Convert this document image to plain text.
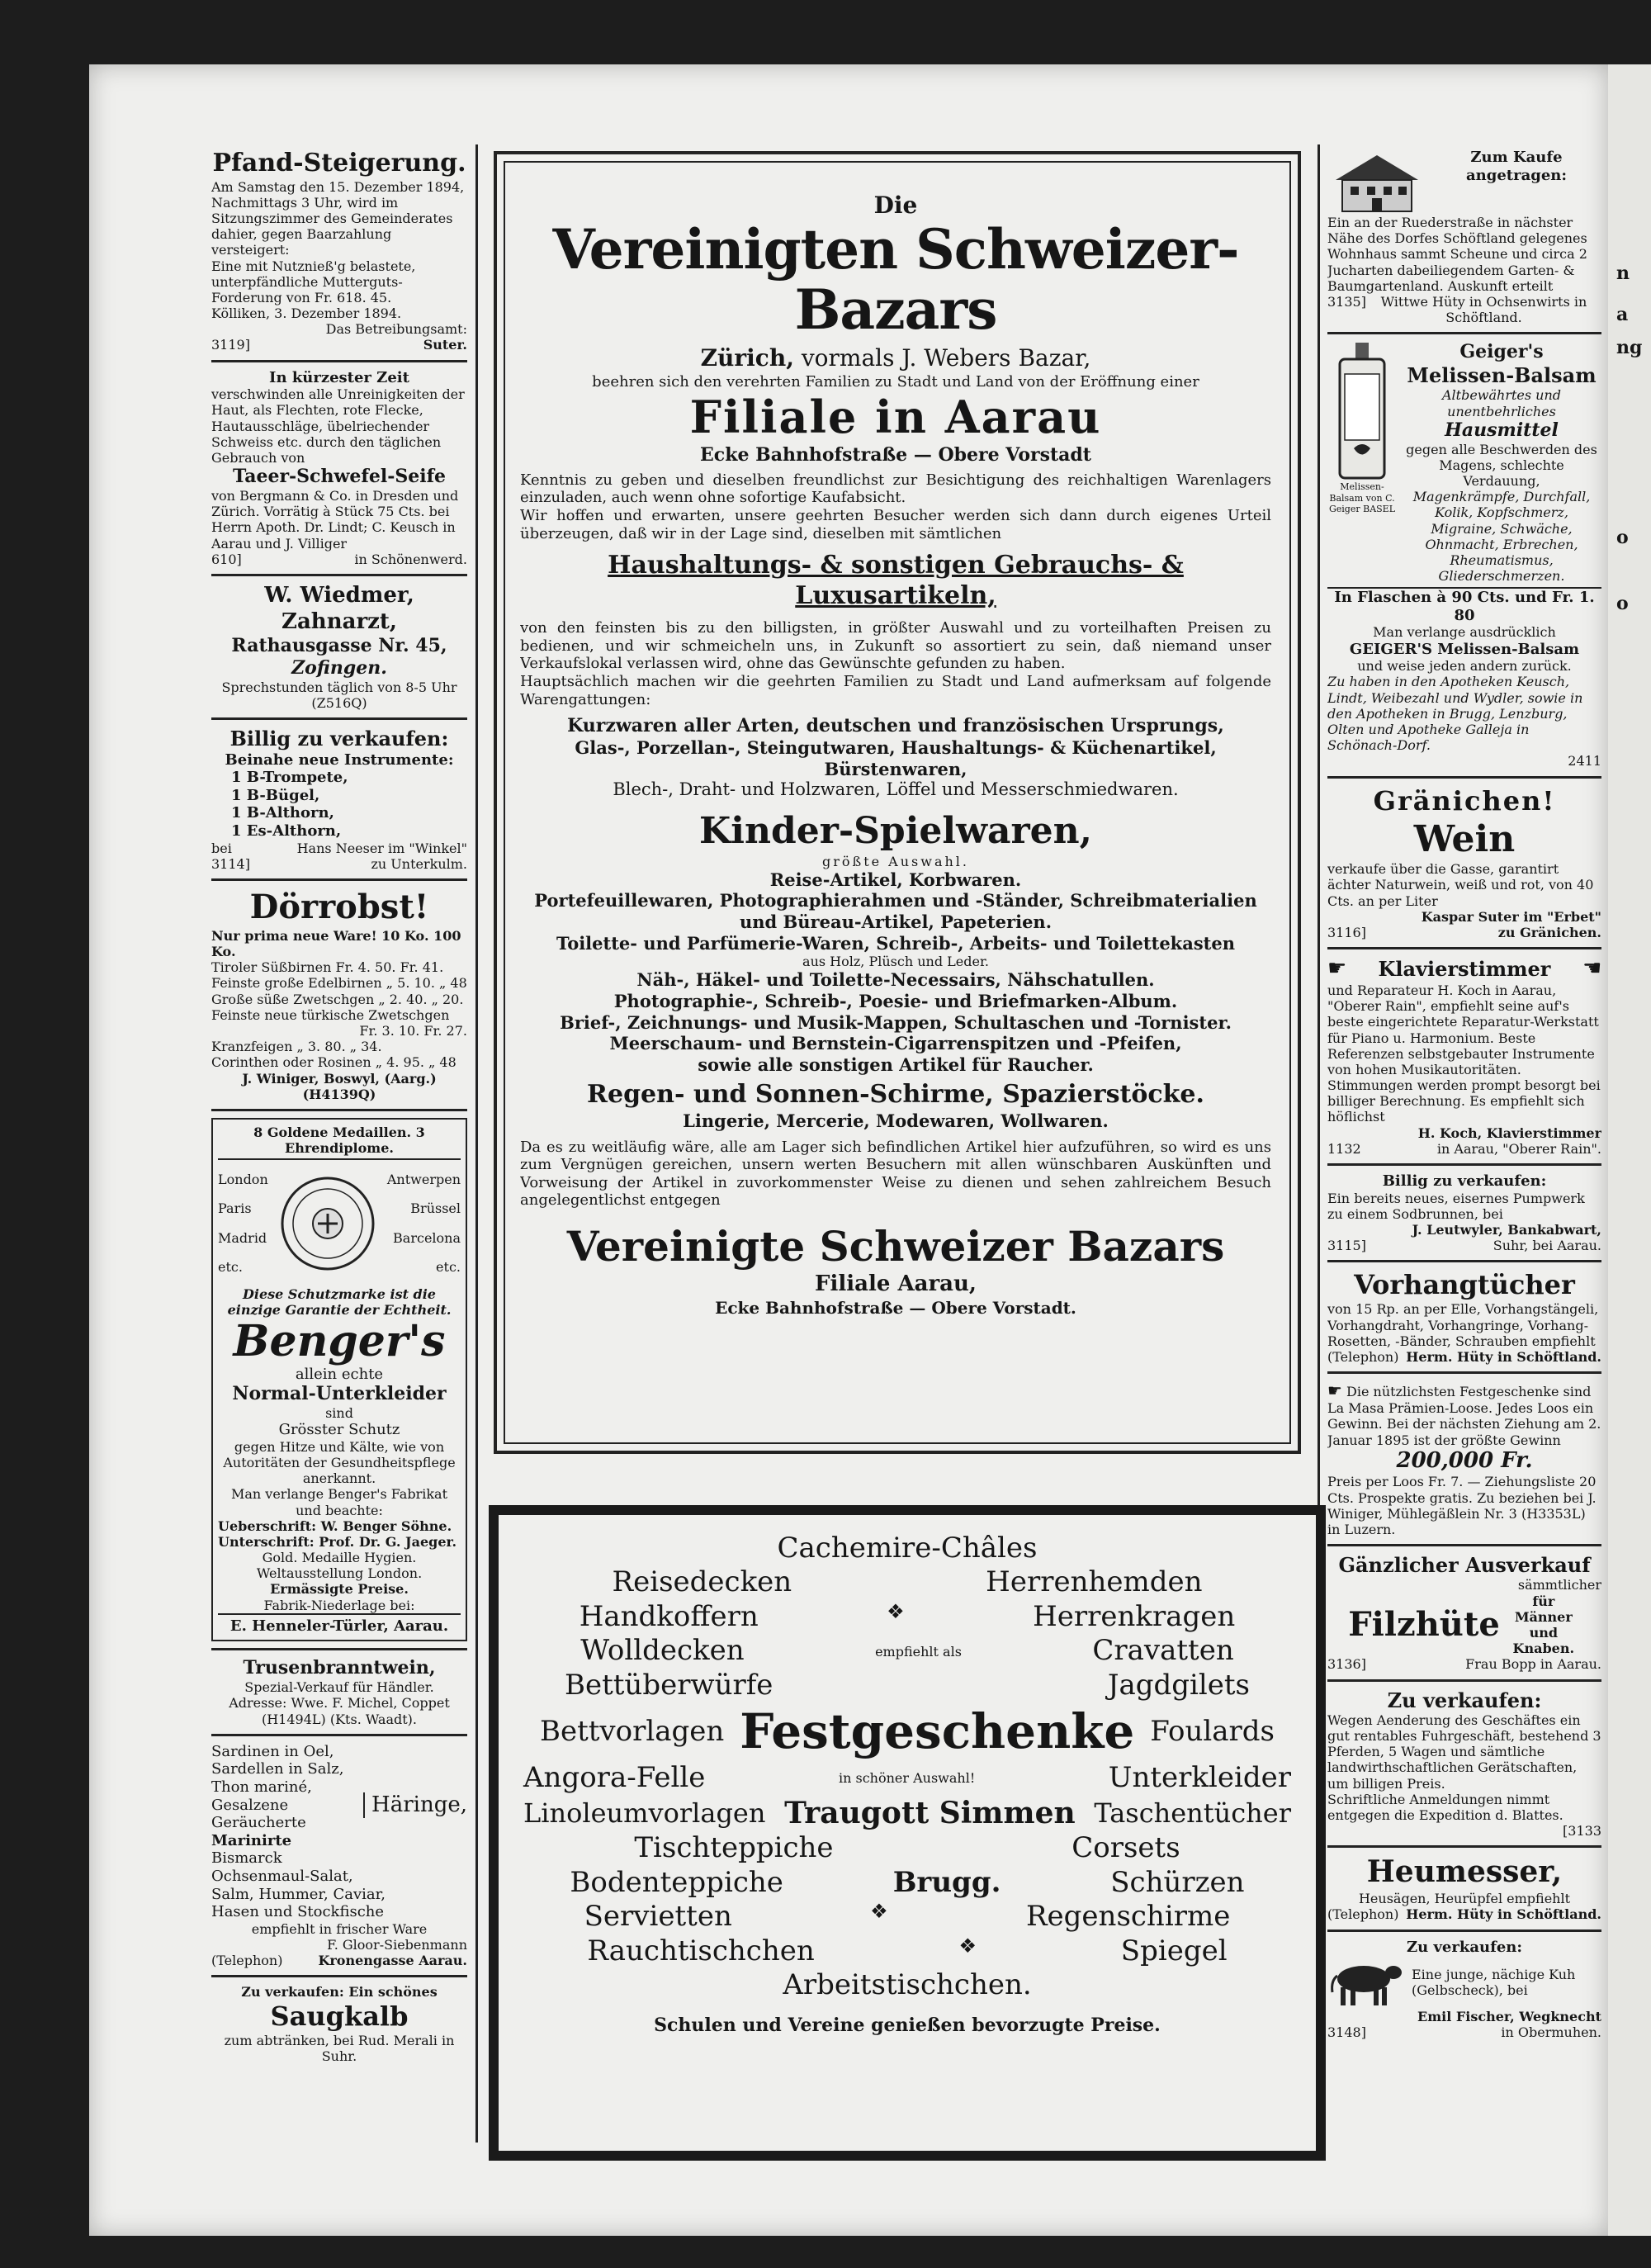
n
a
ng
o
o

Pfand-Steigerung.

Am Samstag den 15. Dezember 1894, Nachmittags 3 Uhr, wird im Sitzungszimmer des Gemeinderates dahier, gegen Baarzahlung versteigert:

Eine mit Nutznieß'g belastete, unterpfändliche Mutterguts-Forderung von Fr. 618. 45.

Kölliken, 3. Dezember 1894.

Das Betreibungsamt:

3119]	Suter.

In kürzester Zeit

verschwinden alle Unreinigkeiten der Haut, als Flechten, rote Flecke, Hautausschläge, übelriechender Schweiss etc. durch den täglichen Gebrauch von

Taeer-Schwefel-Seife

von Bergmann & Co. in Dresden und Zürich. Vorrätig à Stück 75 Cts. bei Herrn Apoth. Dr. Lindt; C. Keusch in Aarau und J. Villiger

610]	in Schönenwerd.

W. Wiedmer, Zahnarzt,

Rathausgasse Nr. 45,

Zofingen.

Sprechstunden täglich von 8-5 Uhr (Z516Q)

Billig zu verkaufen:

Beinahe neue Instrumente:

1 B-Trompete,

1 B-Bügel,

1 B-Althorn,

1 Es-Althorn,

bei	Hans Neeser im "Winkel"
3114]	zu Unterkulm.

Dörrobst!

Nur prima neue Ware! 10 Ko. 100 Ko.

Tiroler Süßbirnen Fr. 4. 50. Fr. 41.

Feinste große Edelbirnen „ 5. 10. „ 48

Große süße Zwetschgen „ 2. 40. „ 20.

Feinste neue türkische Zwetschgen

Fr. 3. 10. Fr. 27.

Kranzfeigen „ 3. 80. „ 34.

Corinthen oder Rosinen „ 4. 95. „ 48

J. Winiger, Boswyl, (Aarg.) (H4139Q)

8 Goldene Medaillen. 3 Ehrendiplome.

London
Paris
Madrid
etc.
Antwerpen
Brüssel
Barcelona
etc.

Diese Schutzmarke ist die einzige Garantie der Echtheit.

Benger's

allein echte

Normal-Unterkleider

sind

Grösster Schutz

gegen Hitze und Kälte, wie von Autoritäten der Gesundheitspflege anerkannt.

Man verlange Benger's Fabrikat und beachte:

Ueberschrift: W. Benger Söhne.

Unterschrift: Prof. Dr. G. Jaeger.

Gold. Medaille Hygien. Weltausstellung London.

Ermässigte Preise.

Fabrik-Niederlage bei:

E. Henneler-Türler, Aarau.

Trusenbranntwein,

Spezial-Verkauf für Händler.

Adresse: Wwe. F. Michel, Coppet

(H1494L) (Kts. Waadt).

Sardinen in Oel,

Sardellen in Salz,

Thon mariné,

Gesalzene

Geräucherte

Marinirte

Bismarck

Häringe,

Ochsenmaul-Salat,

Salm, Hummer, Caviar,

Hasen und Stockfische

empfiehlt in frischer Ware

F. Gloor-Siebenmann

(Telephon)	Kronengasse Aarau.

Zu verkaufen: Ein schönes

Saugkalb

zum abtränken, bei Rud. Merali in Suhr.

Die

Vereinigten Schweizer-Bazars

Zürich, vormals J. Webers Bazar,

beehren sich den verehrten Familien zu Stadt und Land von der Eröffnung einer

Filiale in Aarau

Ecke Bahnhofstraße — Obere Vorstadt

Kenntnis zu geben und dieselben freundlichst zur Besichtigung des reichhaltigen Warenlagers einzuladen, auch wenn ohne sofortige Kaufabsicht.

Wir hoffen und erwarten, unsere geehrten Besucher werden sich dann durch eigenes Urteil überzeugen, daß wir in der Lage sind, dieselben mit sämtlichen

Haushaltungs- & sonstigen Gebrauchs- & Luxusartikeln,

von den feinsten bis zu den billigsten, in größter Auswahl und zu vorteilhaften Preisen zu bedienen, und wir schmeicheln uns, in Zukunft so assortiert zu sein, daß niemand unser Verkaufslokal verlassen wird, ohne das Gewünschte gefunden zu haben.

Hauptsächlich machen wir die geehrten Familien zu Stadt und Land aufmerksam auf folgende Warengattungen:

Kurzwaren aller Arten, deutschen und französischen Ursprungs,

Glas-, Porzellan-, Steingutwaren, Haushaltungs- & Küchenartikel, Bürstenwaren,

Blech-, Draht- und Holzwaren, Löffel und Messerschmiedwaren.

Kinder-Spielwaren,

größte Auswahl.

Reise-Artikel, Korbwaren.

Portefeuillewaren, Photographierahmen und -Ständer, Schreibmaterialien

und Büreau-Artikel, Papeterien.

Toilette- und Parfümerie-Waren, Schreib-, Arbeits- und Toilettekasten

aus Holz, Plüsch und Leder.

Näh-, Häkel- und Toilette-Necessairs, Nähschatullen.

Photographie-, Schreib-, Poesie- und Briefmarken-Album.

Brief-, Zeichnungs- und Musik-Mappen, Schultaschen und -Tornister.

Meerschaum- und Bernstein-Cigarrenspitzen und -Pfeifen,

sowie alle sonstigen Artikel für Raucher.

Regen- und Sonnen-Schirme, Spazierstöcke.

Lingerie, Mercerie, Modewaren, Wollwaren.

Da es zu weitläufig wäre, alle am Lager sich befindlichen Artikel hier aufzuführen, so wird es uns zum Vergnügen gereichen, unsern werten Besuchern mit allen wünschbaren Auskünften und Vorweisung der Artikel in zuvorkommenster Weise zu dienen und sehen zahlreichem Besuch angelegentlichst entgegen

Vereinigte Schweizer Bazars

Filiale Aarau,

Ecke Bahnhofstraße — Obere Vorstadt.

Cachemire-Châles

Reisedecken	Herrenhemden
Handkoffern	❖	Herrenkragen
Wolldecken	empfiehlt als	Cravatten
Bettüberwürfe	Jagdgilets
Bettvorlagen Festgeschenke Foulards
Angora-Felle	in schöner Auswahl!	Unterkleider
Linoleumvorlagen Traugott Simmen Taschentücher
Tischteppiche	Corsets
Bodenteppiche	Brugg.	Schürzen
Servietten	❖	Regenschirme
Rauchtischchen	❖	Spiegel

Arbeitstischchen.

Schulen und Vereine genießen bevorzugte Preise.

Zum Kaufe angetragen:

Ein an der Ruederstraße in nächster Nähe des Dorfes Schöftland gelegenes Wohnhaus sammt Scheune und circa 2 Jucharten dabeiliegendem Garten- & Baumgartenland. Auskunft erteilt

3135]	Wittwe Hüty in Ochsenwirts in Schöftland.

Melissen-Balsam von C. Geiger BASEL

Geiger's

Melissen-Balsam

Altbewährtes und unentbehrliches

Hausmittel

gegen alle Beschwerden des Magens, schlechte Verdauung,

Magenkrämpfe, Durchfall, Kolik, Kopfschmerz, Migraine, Schwäche, Ohnmacht, Erbrechen, Rheumatismus, Gliederschmerzen.

In Flaschen à 90 Cts. und Fr. 1. 80

Man verlange ausdrücklich

GEIGER'S Melissen-Balsam

und weise jeden andern zurück.

Zu haben in den Apotheken Keusch, Lindt, Weibezahl und Wydler, sowie in den Apotheken in Brugg, Lenzburg, Olten und Apotheke Galleja in Schönach-Dorf.

2411

Gränichen!

Wein

verkaufe über die Gasse, garantirt ächter Naturwein, weiß und rot, von 40 Cts. an per Liter

Kaspar Suter im "Erbet"

3116]	zu Gränichen.
☛ Klavierstimmer ☛

und Reparateur H. Koch in Aarau, "Oberer Rain", empfiehlt seine auf's beste eingerichtete Reparatur-Werkstatt für Piano u. Harmonium. Beste Referenzen selbstgebauter Instrumente von hohen Musikautoritäten. Stimmungen werden prompt besorgt bei billiger Berechnung. Es empfiehlt sich höflichst

H. Koch, Klavierstimmer

1132	in Aarau, "Oberer Rain".

Billig zu verkaufen:

Ein bereits neues, eisernes Pumpwerk zu einem Sodbrunnen, bei

J. Leutwyler, Bankabwart,

3115]	Suhr, bei Aarau.

Vorhangtücher

von 15 Rp. an per Elle, Vorhangstängeli, Vorhangdraht, Vorhangringe, Vorhang-Rosetten, -Bänder, Schrauben empfiehlt

(Telephon) Herm. Hüty in Schöftland.

☛ Die nützlichsten Festgeschenke sind La Masa Prämien-Loose. Jedes Loos ein Gewinn. Bei der nächsten Ziehung am 2. Januar 1895 ist der größte Gewinn

200,000 Fr.

Preis per Loos Fr. 7. — Ziehungsliste 20 Cts. Prospekte gratis. Zu beziehen bei J. Winiger, Mühlegäßlein Nr. 3 (H3353L) in Luzern.

Gänzlicher Ausverkauf

sämmtlicher

Filzhüte
für Männer und Knaben.
3136]	Frau Bopp in Aarau.

Zu verkaufen:

Wegen Aenderung des Geschäftes ein gut rentables Fuhrgeschäft, bestehend 3 Pferden, 5 Wagen und sämtliche landwirthschaftlichen Gerätschaften, um billigen Preis.

Schriftliche Anmeldungen nimmt entgegen die Expedition d. Blattes.

[3133

Heumesser,

Heusägen, Heurüpfel empfiehlt

(Telephon) Herm. Hüty in Schöftland.

Zu verkaufen:

Eine junge, nächige Kuh (Gelbscheck), bei

Emil Fischer, Wegknecht

3148]	in Obermuhen.
